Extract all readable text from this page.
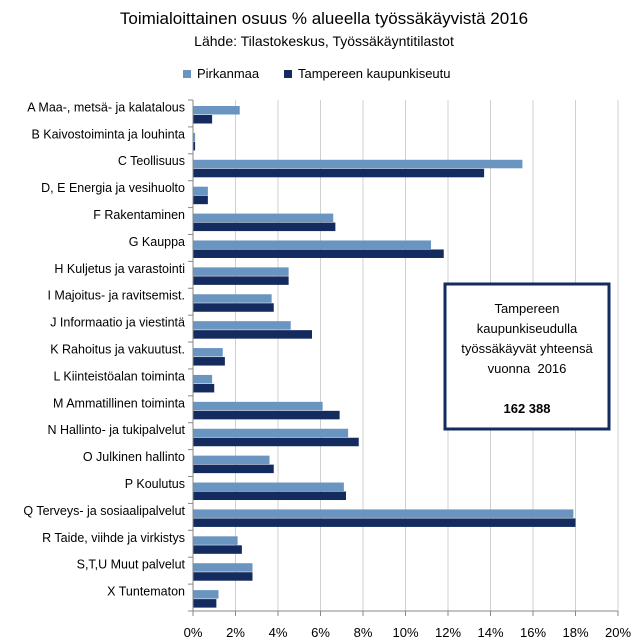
Toimialoittainen osuus % alueella työssäkäyvistä 2016
Lähde: Tilastokeskus, Työssäkäyntitilastot
Pirkanmaa	Tampereen kaupunkiseutu
A Maa-, metsä- ja kalatalous
B Kaivostoiminta ja louhinta
C Teollisuus
D, E Energia ja vesihuolto
F Rakentaminen
G Kauppa
H Kuljetus ja varastointi
I Majoitus- ja ravitsemist.
J Informaatio ja viestintä
K Rahoitus ja vakuutust.
L Kiinteistöalan toiminta
M Ammatillinen toiminta
N Hallinto- ja tukipalvelut
O Julkinen hallinto
P Koulutus
Q Terveys- ja sosiaalipalvelut
R Taide, viihde ja virkistys
S,T,U Muut palvelut
X Tuntematon
0% 2% 4% 6% 8% 10% 12% 14% 16% 18% 20%
Tampereen
kaupunkiseudulla
työssäkäyvät yhteensä
vuonna  2016
162 388
